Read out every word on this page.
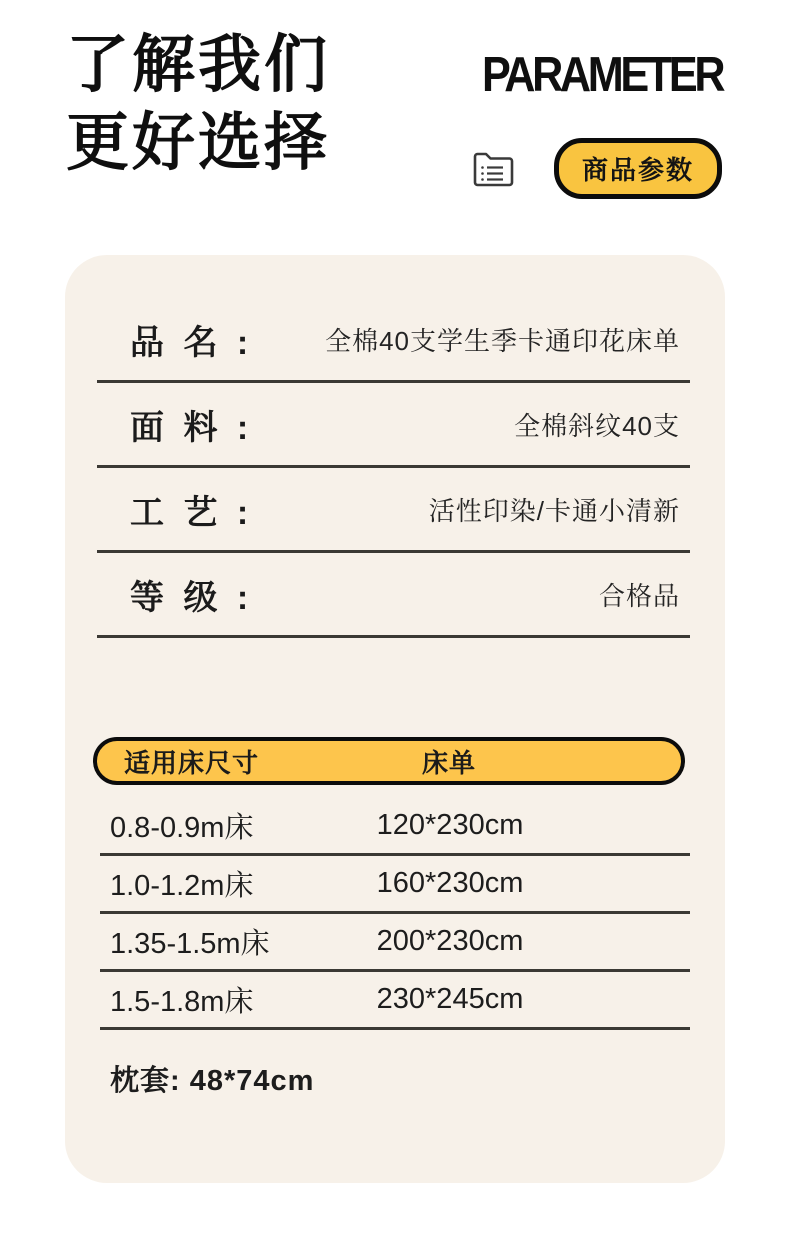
了解我们
更好选择
PARAMETER
商品参数
品 名 :	全棉40支学生季卡通印花床单
面 料 :	全棉斜纹40支
工 艺 :	活性印染/卡通小清新
等 级 :	合格品
适用床尺寸	床单
0.8-0.9m床	120*230cm
1.0-1.2m床	160*230cm
1.35-1.5m床	200*230cm
1.5-1.8m床	230*245cm
枕套: 48*74cm
